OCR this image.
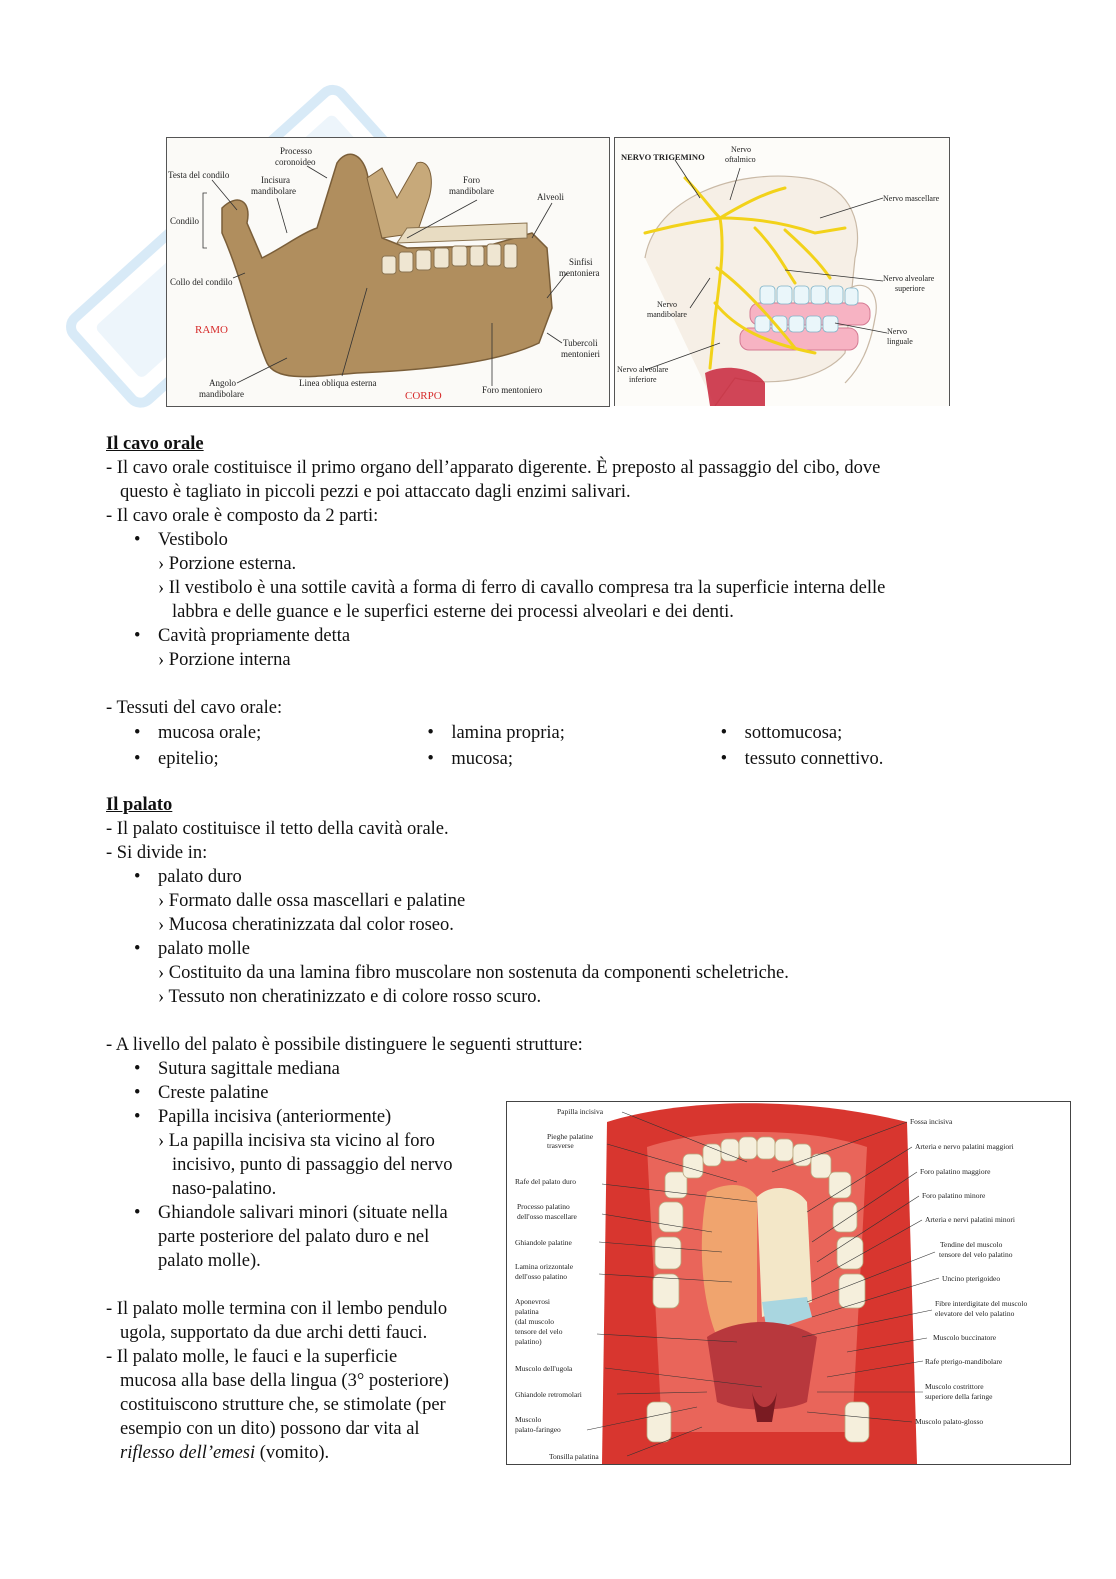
Processo
coronoideo
Testa del condilo	Incisura
mandibolare
Foro
mandibolare
Alveoli
Condilo
Sinfisi
mentoniera
Collo del condilo
RAMO
Tubercoli
mentonieri
Angolo
mandibolare
Linea obliqua esterna
CORPO	Foro mentoniero
NERVO TRIGEMINO
Nervo
oftalmico
Nervo mascellare
Nervo alveolare
superiore
Nervo
mandibolare
Nervo
linguale
Nervo alveolare
inferiore
Papilla incisiva
Pieghe palatine
trasverse
Rafe del palato duro
Processo palatino
dell'osso mascellare
Ghiandole palatine
Lamina orizzontale
dell'osso palatino
Aponevrosi
palatina
(dal muscolo
tensore del velo
palatino)
Muscolo dell'ugola
Ghiandole retromolari
Muscolo
palato-faringeo
Tonsilla palatina
Fossa incisiva
Arteria e nervo palatini maggiori
Foro palatino maggiore
Foro palatino minore
Arteria e nervi palatini minori
Tendine del muscolo
tensore del velo palatino
Uncino pterigoideo
Fibre interdigitate del muscolo
elevatore del velo palatino
Muscolo buccinatore
Rafe pterigo-mandibolare
Muscolo costrittore
superiore della faringe
Muscolo palato-glosso
Il cavo orale
- Il cavo orale costituisce il primo organo dell’apparato digerente. È preposto al passaggio del cibo, dove
questo è tagliato in piccoli pezzi e poi attaccato dagli enzimi salivari.
- Il cavo orale è composto da 2 parti:
• Vestibolo
› Porzione esterna.
› Il vestibolo è una sottile cavità a forma di ferro di cavallo compresa tra la superficie interna delle
labbra e delle guance e le superfici esterne dei processi alveolari e dei denti.
• Cavità propriamente detta
› Porzione interna
- Tessuti del cavo orale:
• mucosa orale;	• lamina propria;	• sottomucosa;
• epitelio;	• mucosa;	• tessuto connettivo.
Il palato
- Il palato costituisce il tetto della cavità orale.
- Si divide in:
• palato duro
› Formato dalle ossa mascellari e palatine
› Mucosa cheratinizzata dal color roseo.
• palato molle
› Costituito da una lamina fibro muscolare non sostenuta da componenti scheletriche.
› Tessuto non cheratinizzato e di colore rosso scuro.
- A livello del palato è possibile distinguere le seguenti strutture:
• Sutura sagittale mediana
• Creste palatine
• Papilla incisiva (anteriormente)
› La papilla incisiva sta vicino al foro
incisivo, punto di passaggio del nervo
naso-palatino.
• Ghiandole salivari minori (situate nella
parte posteriore del palato duro e nel
palato molle).
- Il palato molle termina con il lembo pendulo
ugola, supportato da due archi detti fauci.
- Il palato molle, le fauci e la superficie
mucosa alla base della lingua (3° posteriore)
costituiscono strutture che, se stimolate (per
esempio con un dito) possono dar vita al
riflesso dell’emesi (vomito).
